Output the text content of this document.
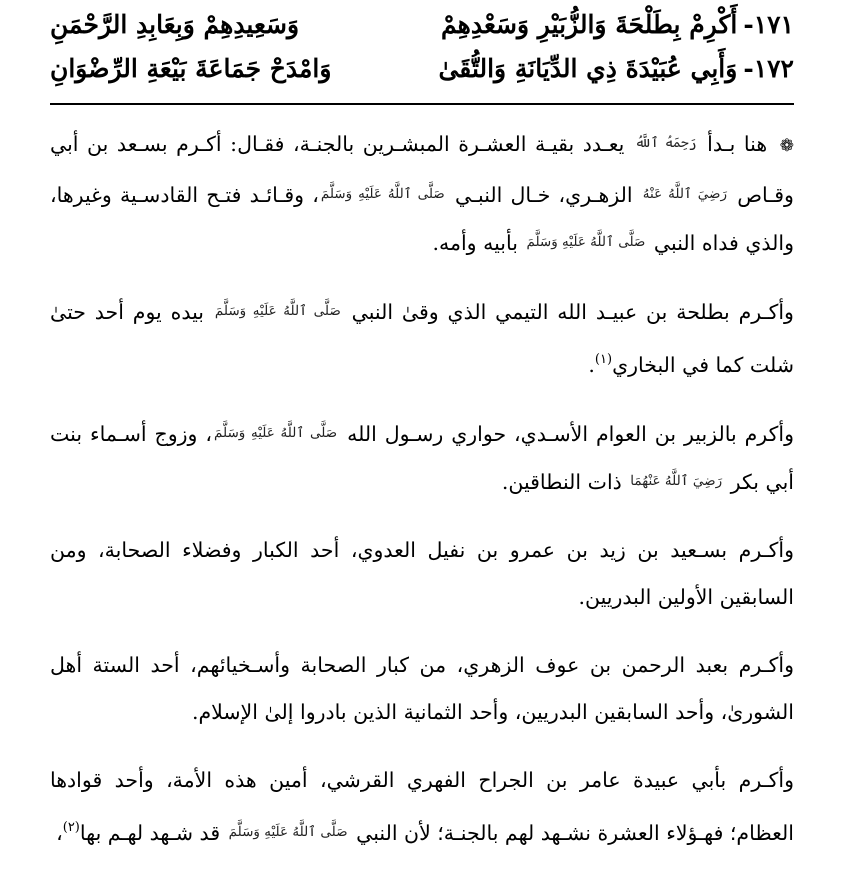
١٧١-
أَكْرِمْ بِطَلْحَةَ وَالزُّبَيْرِ وَسَعْدِهِمْ
وَسَعِيدِهِمْ وَبِعَابِدِ الرَّحْمَنِ
١٧٢-
وَأَبِي عُبَيْدَةَ ذِي الدِّيَانَةِ وَالتُّقَىٰ
وَامْدَحْ جَمَاعَةَ بَيْعَةِ الرِّضْوَانِ

❁ هنا بـدأ رَحِمَهُ ٱللَّهُ يعـدد بقيـة العشـرة المبشـرين بالجنـة، فقـال: أكـرم بسـعد بن أبي وقـاص رَضِيَ ٱللَّهُ عَنْهُ الزهـري، خـال النبـي صَلَّى ٱللَّهُ عَلَيْهِ وَسَلَّمَ، وقـائـد فتـح القادسـية وغيرها، والذي فداه النبي صَلَّى ٱللَّهُ عَلَيْهِ وَسَلَّمَ بأبيه وأمه.

وأكـرم بطلحة بن عبيـد الله التيمي الذي وقىٰ النبي صَلَّى ٱللَّهُ عَلَيْهِ وَسَلَّمَ بيده يوم أحد حتىٰ شلت كما في البخاري$^{(١)}$.

وأكرم بالزبير بن العوام الأسـدي، حواري رسـول الله صَلَّى ٱللَّهُ عَلَيْهِ وَسَلَّمَ، وزوج أسـماء بنت أبي بكر رَضِيَ ٱللَّهُ عَنْهُمَا ذات النطاقين.

وأكـرم بسـعيد بن زيد بن عمرو بن نفيل العدوي، أحد الكبار وفضلاء الصحابة، ومن السابقين الأولين البدريين.

وأكـرم بعبد الرحمن بن عوف الزهري، من كبار الصحابة وأسـخيائهم، أحد الستة أهل الشورىٰ، وأحد السابقين البدريين، وأحد الثمانية الذين بادروا إلىٰ الإسلام.

وأكـرم بأبي عبيدة عامر بن الجراح الفهري القرشي، أمين هذه الأمة، وأحد قوادها العظام؛ فهـؤلاء العشرة نشـهد لهم بالجنـة؛ لأن النبي صَلَّى ٱللَّهُ عَلَيْهِ وَسَلَّمَ قد شـهد لهـم بها$^{(٢)}$،
